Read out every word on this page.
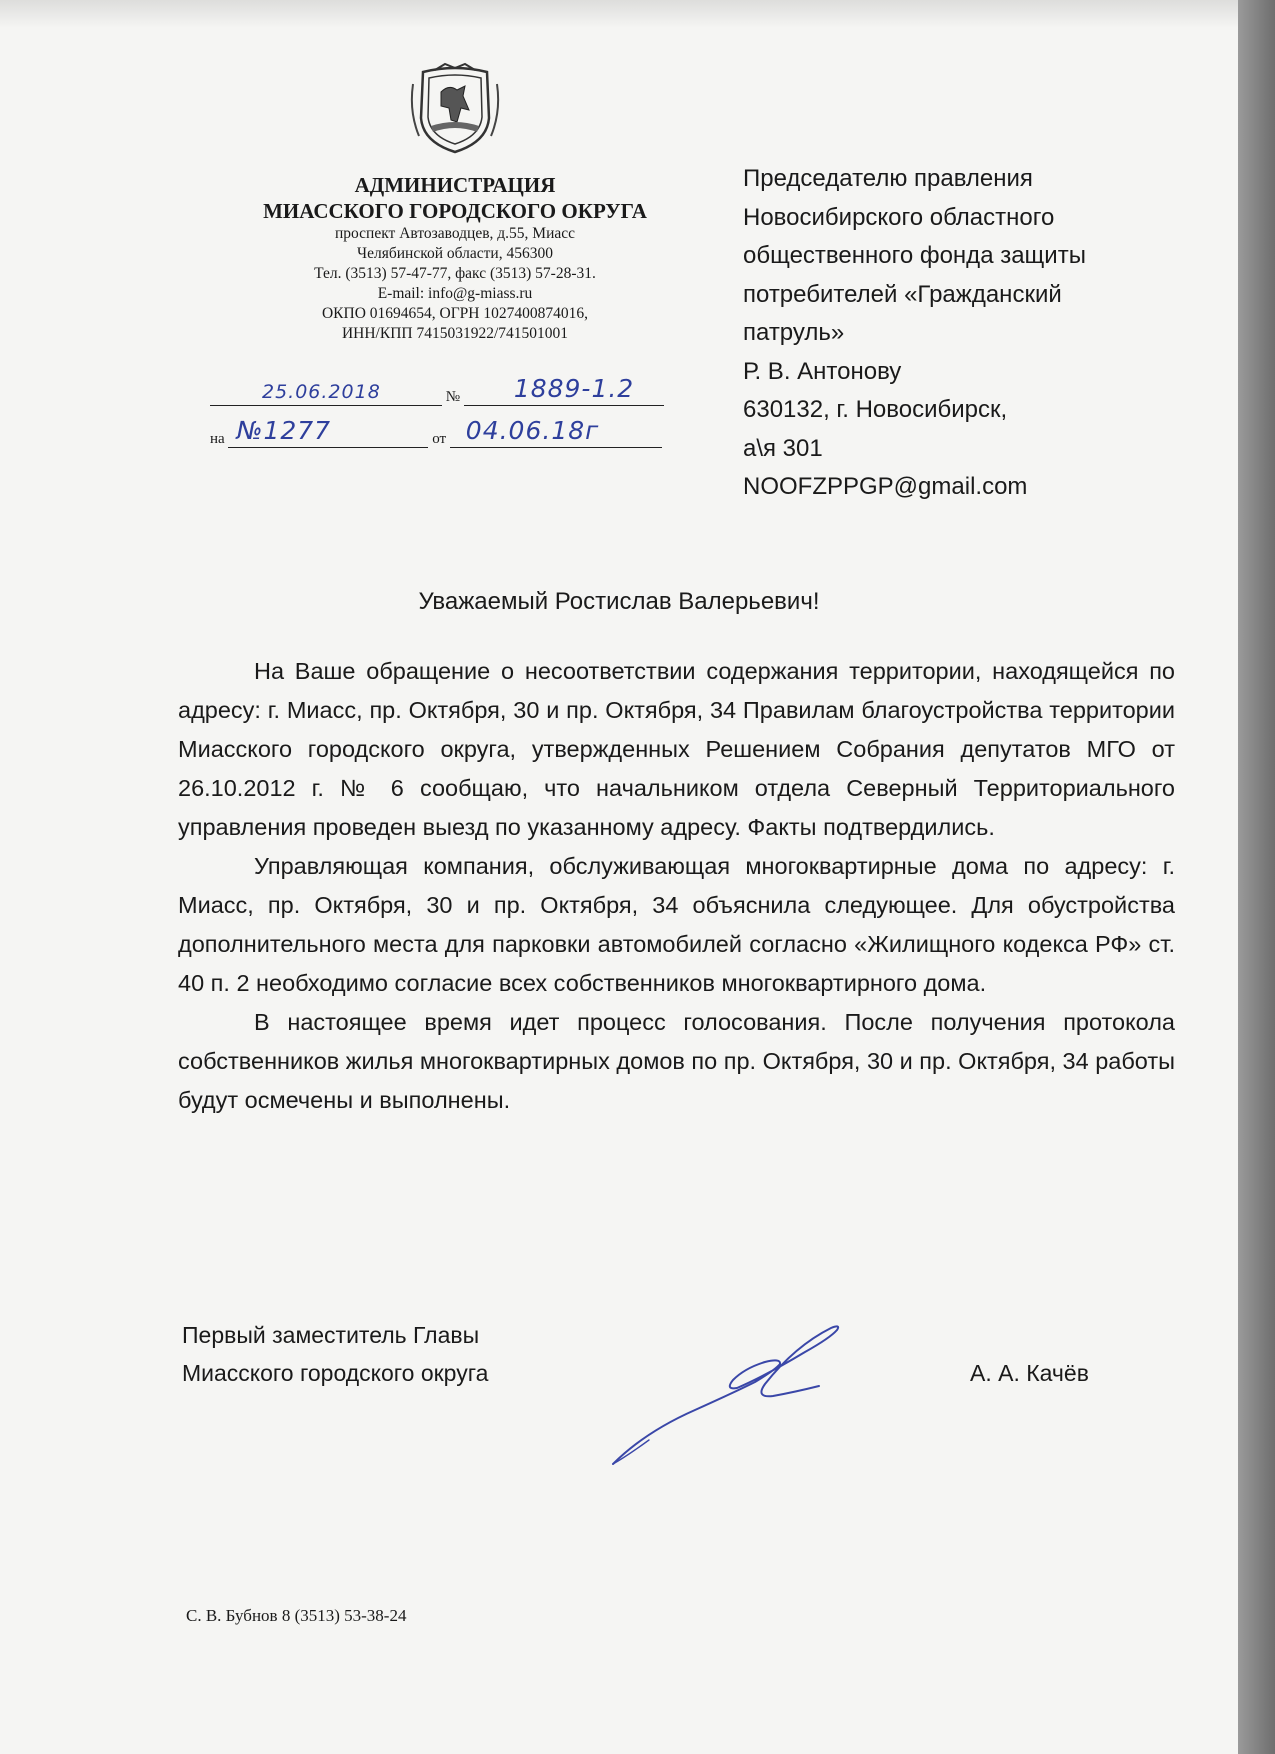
АДМИНИСТРАЦИЯ

МИАССКОГО ГОРОДСКОГО ОКРУГА

проспект Автозаводцев, д.55, Миасс

Челябинской области, 456300

Тел. (3513) 57-47-77, факс (3513) 57-28-31.

E-mail: info@g-miass.ru

ОКПО 01694654, ОГРН 1027400874016,

ИНН/КПП 7415031922/741501001

25.06.2018	№ 1889-1.2
на №1277	от 04.06.18г
Председателю правления
Новосибирского областного
общественного фонда защиты
потребителей «Гражданский
патруль»
Р. В. Антонову
630132, г. Новосибирск,
а\я 301
NOOFZPPGP@gmail.com
Уважаемый Ростислав Валерьевич!

На Ваше обращение о несоответствии содержания территории, находящейся по адресу: г. Миасс, пр. Октября, 30 и пр. Октября, 34 Правилам благоустройства территории Миасского городского округа, утвержденных Решением Собрания депутатов МГО от 26.10.2012 г. № 6 сообщаю, что начальником отдела Северный Территориального управления проведен выезд по указанному адресу. Факты подтвердились.

Управляющая компания, обслуживающая многоквартирные дома по адресу: г. Миасс, пр. Октября, 30 и пр. Октября, 34 объяснила следующее. Для обустройства дополнительного места для парковки автомобилей согласно «Жилищного кодекса РФ» ст. 40 п. 2 необходимо согласие всех собственников многоквартирного дома.

В настоящее время идет процесс голосования. После получения протокола собственников жилья многоквартирных домов по пр. Октября, 30 и пр. Октября, 34 работы будут осмечены и выполнены.

Первый заместитель Главы
Миасского городского округа	А. А. Качёв
С. В. Бубнов 8 (3513) 53-38-24
